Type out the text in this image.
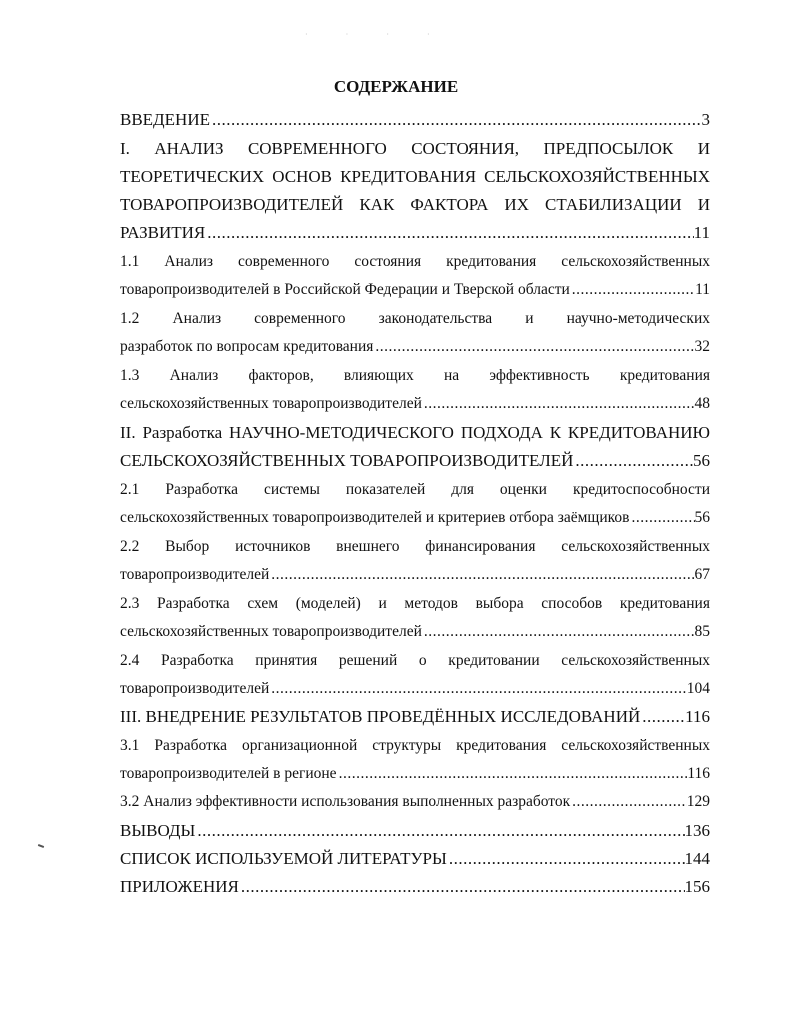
· · · ·
СОДЕРЖАНИЕ
ВВЕДЕНИЕ .....	3
I. АНАЛИЗ СОВРЕМЕННОГО СОСТОЯНИЯ, ПРЕДПОСЫЛОК И
ТЕОРЕТИЧЕСКИХ ОСНОВ КРЕДИТОВАНИЯ СЕЛЬСКОХОЗЯЙСТВЕННЫХ
ТОВАРОПРОИЗВОДИТЕЛЕЙ КАК ФАКТОРА ИХ СТАБИЛИЗАЦИИ И
РАЗВИТИЯ .....	11
1.1 Анализ современного состояния кредитования сельскохозяйственных
товаропроизводителей в Российской Федерации и Тверской области .....	11
1.2 Анализ современного законодательства и научно-методических
разработок по вопросам кредитования .....	32
1.3 Анализ факторов, влияющих на эффективность кредитования
сельскохозяйственных товаропроизводителей .....	48
II. Разработка НАУЧНО-МЕТОДИЧЕСКОГО ПОДХОДА К КРЕДИТОВАНИЮ
СЕЛЬСКОХОЗЯЙСТВЕННЫХ ТОВАРОПРОИЗВОДИТЕЛЕЙ .....	56
2.1 Разработка системы показателей для оценки кредитоспособности
сельскохозяйственных товаропроизводителей и критериев отбора заёмщиков .....	56
2.2 Выбор источников внешнего финансирования сельскохозяйственных
товаропроизводителей .....	67
2.3 Разработка схем (моделей) и методов выбора способов кредитования
сельскохозяйственных товаропроизводителей .....	85
2.4 Разработка принятия решений о кредитовании сельскохозяйственных
товаропроизводителей .....	104
III. ВНЕДРЕНИЕ РЕЗУЛЬТАТОВ ПРОВЕДЁННЫХ ИССЛЕДОВАНИЙ .....	116
3.1 Разработка организационной структуры кредитования сельскохозяйственных
товаропроизводителей в регионе .....	116
3.2 Анализ эффективности использования выполненных разработок .....	129
ВЫВОДЫ .....	136
СПИСОК ИСПОЛЬЗУЕМОЙ ЛИТЕРАТУРЫ .....	144
ПРИЛОЖЕНИЯ .....	156
